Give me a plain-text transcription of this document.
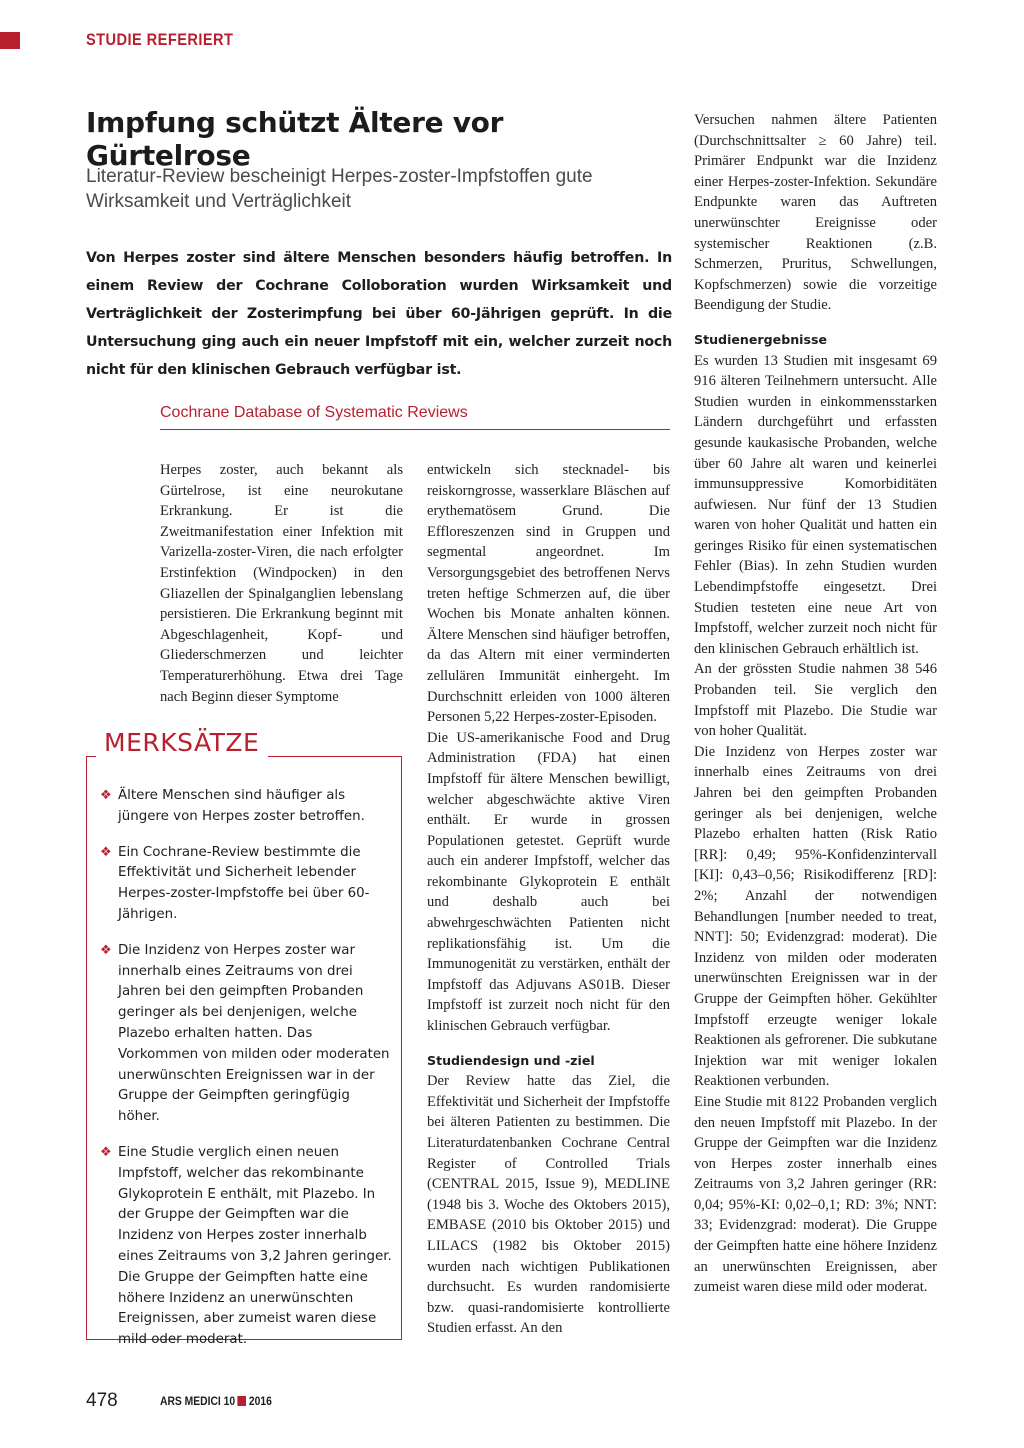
STUDIE REFERIERT
Impfung schützt Ältere vor Gürtelrose
Literatur-Review bescheinigt Herpes-zoster-Impfstoffen gute Wirksamkeit und Verträglichkeit
Von Herpes zoster sind ältere Menschen besonders häufig betroffen. In einem Review der Cochrane Colloboration wurden Wirksamkeit und Verträglichkeit der Zosterimpfung bei über 60-Jährigen geprüft. In die Untersuchung ging auch ein neuer Impfstoff mit ein, welcher zurzeit noch nicht für den klinischen Gebrauch verfügbar ist.
Cochrane Database of Systematic Reviews

Herpes zoster, auch bekannt als Gürtelrose, ist eine neurokutane Erkrankung. Er ist die Zweitmanifestation einer Infektion mit Varizella-zoster-Viren, die nach erfolgter Erstinfektion (Windpocken) in den Gliazellen der Spinalganglien lebenslang persistieren. Die Erkrankung beginnt mit Abgeschlagenheit, Kopf- und Gliederschmerzen und leichter Temperaturerhöhung. Etwa drei Tage nach Beginn dieser Symptome

entwickeln sich stecknadel- bis reiskorngrosse, wasserklare Bläschen auf erythematösem Grund. Die Effloreszenzen sind in Gruppen und segmental angeordnet. Im Versorgungsgebiet des betroffenen Nervs treten heftige Schmerzen auf, die über Wochen bis Monate anhalten können. Ältere Menschen sind häufiger betroffen, da das Altern mit einer verminderten zellulären Immunität einhergeht. Im Durchschnitt erleiden von 1000 älteren Personen 5,22 Herpes-zoster-Episoden.

Die US-amerikanische Food and Drug Administration (FDA) hat einen Impfstoff für ältere Menschen bewilligt, welcher abgeschwächte aktive Viren enthält. Er wurde in grossen Populationen getestet. Geprüft wurde auch ein anderer Impfstoff, welcher das rekombinante Glykoprotein E enthält und deshalb auch bei abwehrgeschwächten Patienten nicht replikationsfähig ist. Um die Immunogenität zu verstärken, enthält der Impfstoff das Adjuvans AS01B. Dieser Impfstoff ist zurzeit noch nicht für den klinischen Gebrauch verfügbar.

Studiendesign und -ziel

Der Review hatte das Ziel, die Effektivität und Sicherheit der Impfstoffe bei älteren Patienten zu bestimmen. Die Literaturdatenbanken Cochrane Central Register of Controlled Trials (CENTRAL 2015, Issue 9), MEDLINE (1948 bis 3. Woche des Oktobers 2015), EMBASE (2010 bis Oktober 2015) und LILACS (1982 bis Oktober 2015) wurden nach wichtigen Publikationen durchsucht. Es wurden randomisierte bzw. quasi-randomisierte kontrollierte Studien erfasst. An den

Versuchen nahmen ältere Patienten (Durchschnittsalter ≥ 60 Jahre) teil. Primärer Endpunkt war die Inzidenz einer Herpes-zoster-Infektion. Sekundäre Endpunkte waren das Auftreten unerwünschter Ereignisse oder systemischer Reaktionen (z.B. Schmerzen, Pruritus, Schwellungen, Kopfschmerzen) sowie die vorzeitige Beendigung der Studie.

Studienergebnisse

Es wurden 13 Studien mit insgesamt 69 916 älteren Teilnehmern untersucht. Alle Studien wurden in einkommensstarken Ländern durchgeführt und erfassten gesunde kaukasische Probanden, welche über 60 Jahre alt waren und keinerlei immunsuppressive Komorbiditäten aufwiesen. Nur fünf der 13 Studien waren von hoher Qualität und hatten ein geringes Risiko für einen systematischen Fehler (Bias). In zehn Studien wurden Lebendimpfstoffe eingesetzt. Drei Studien testeten eine neue Art von Impfstoff, welcher zurzeit noch nicht für den klinischen Gebrauch erhältlich ist.

An der grössten Studie nahmen 38 546 Probanden teil. Sie verglich den Impfstoff mit Plazebo. Die Studie war von hoher Qualität.

Die Inzidenz von Herpes zoster war innerhalb eines Zeitraums von drei Jahren bei den geimpften Probanden geringer als bei denjenigen, welche Plazebo erhalten hatten (Risk Ratio [RR]: 0,49; 95%-Konfidenzintervall [KI]: 0,43–0,56; Risikodifferenz [RD]: 2%; Anzahl der notwendigen Behandlungen [number needed to treat, NNT]: 50; Evidenzgrad: moderat). Die Inzidenz von milden oder moderaten unerwünschten Ereignissen war in der Gruppe der Geimpften höher. Gekühlter Impfstoff erzeugte weniger lokale Reaktionen als gefrorener. Die subkutane Injektion war mit weniger lokalen Reaktionen verbunden.

Eine Studie mit 8122 Probanden verglich den neuen Impfstoff mit Plazebo. In der Gruppe der Geimpften war die Inzidenz von Herpes zoster innerhalb eines Zeitraums von 3,2 Jahren geringer (RR: 0,04; 95%-KI: 0,02–0,1; RD: 3%; NNT: 33; Evidenzgrad: moderat). Die Gruppe der Geimpften hatte eine höhere Inzidenz an unerwünschten Ereignissen, aber zumeist waren diese mild oder moderat.

MERKSÄTZE
❖ Ältere Menschen sind häufiger als jüngere von Herpes zoster betroffen.
❖ Ein Cochrane-Review bestimmte die Effektivität und Sicherheit lebender Herpes-zoster-Impfstoffe bei über 60-Jährigen.
❖ Die Inzidenz von Herpes zoster war innerhalb eines Zeitraums von drei Jahren bei den geimpften Probanden geringer als bei denjenigen, welche Plazebo erhalten hatten. Das Vorkommen von milden oder moderaten unerwünschten Ereignissen war in der Gruppe der Geimpften geringfügig höher.
❖ Eine Studie verglich einen neuen Impfstoff, welcher das rekombinante Glykoprotein E enthält, mit Plazebo. In der Gruppe der Geimpften war die Inzidenz von Herpes zoster innerhalb eines Zeitraums von 3,2 Jahren geringer. Die Gruppe der Geimpften hatte eine höhere Inzidenz an unerwünschten Ereignissen, aber zumeist waren diese mild oder moderat.
478	ARS MEDICI 10 2016
